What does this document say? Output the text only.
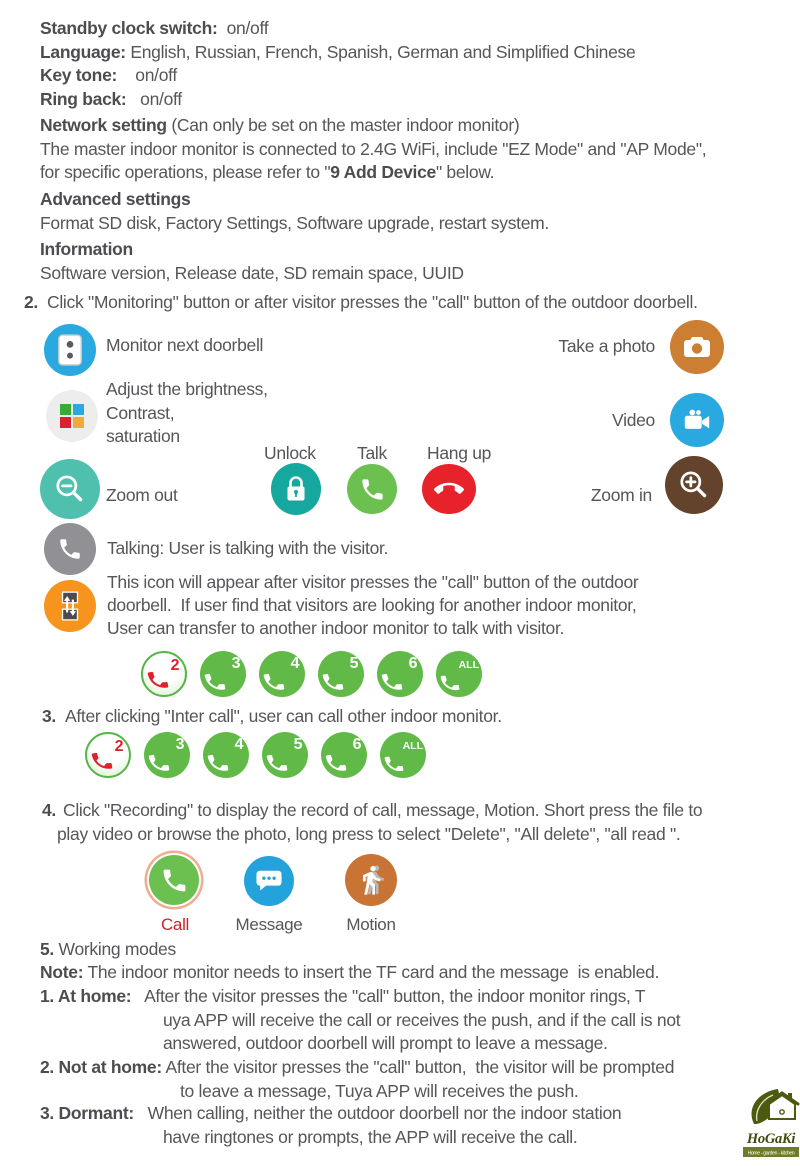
Standby clock switch:  on/off
Language: English, Russian, French, Spanish, German and Simplified Chinese
Key tone:    on/off
Ring back:   on/off
Network setting (Can only be set on the master indoor monitor)
The master indoor monitor is connected to 2.4G WiFi, include "EZ Mode" and "AP Mode",
for specific operations, please refer to "9 Add Device" below.
Advanced settings
Format SD disk, Factory Settings, Software upgrade, restart system.
Information
Software version, Release date, SD remain space, UUID
2. Click "Monitoring" button or after visitor presses the "call" button of the outdoor doorbell.
Monitor next doorbell
Adjust the brightness,
Contrast,
saturation
Zoom out
Take a photo
Video
Zoom in
Unlock Talk Hang up
Talking: User is talking with the visitor.
This icon will appear after visitor presses the "call" button of the outdoor
doorbell.  If user find that visitors are looking for another indoor monitor,
User can transfer to another indoor monitor to talk with visitor.
2	3	4	5	6	ALL
3. After clicking "Inter call", user can call other indoor monitor.
2	3	4	5	6	ALL
4. Click "Recording" to display the record of call, message, Motion. Short press the file to
play video or browse the photo, long press to select "Delete", "All delete", "all read ".
Call	Message	Motion
5. Working modes
Note: The indoor monitor needs to insert the TF card and the message  is enabled.
1. At home:   After the visitor presses the "call" button, the indoor monitor rings, T
uya APP will receive the call or receives the push, and if the call is not
answered, outdoor doorbell will prompt to leave a message.
2. Not at home: After the visitor presses the "call" button,  the visitor will be prompted
to leave a message, Tuya APP will receives the push.
3. Dormant:   When calling, neither the outdoor doorbell nor the indoor station
have ringtones or prompts, the APP will receive the call.	HoGaKi
Home - garden - kitchen
